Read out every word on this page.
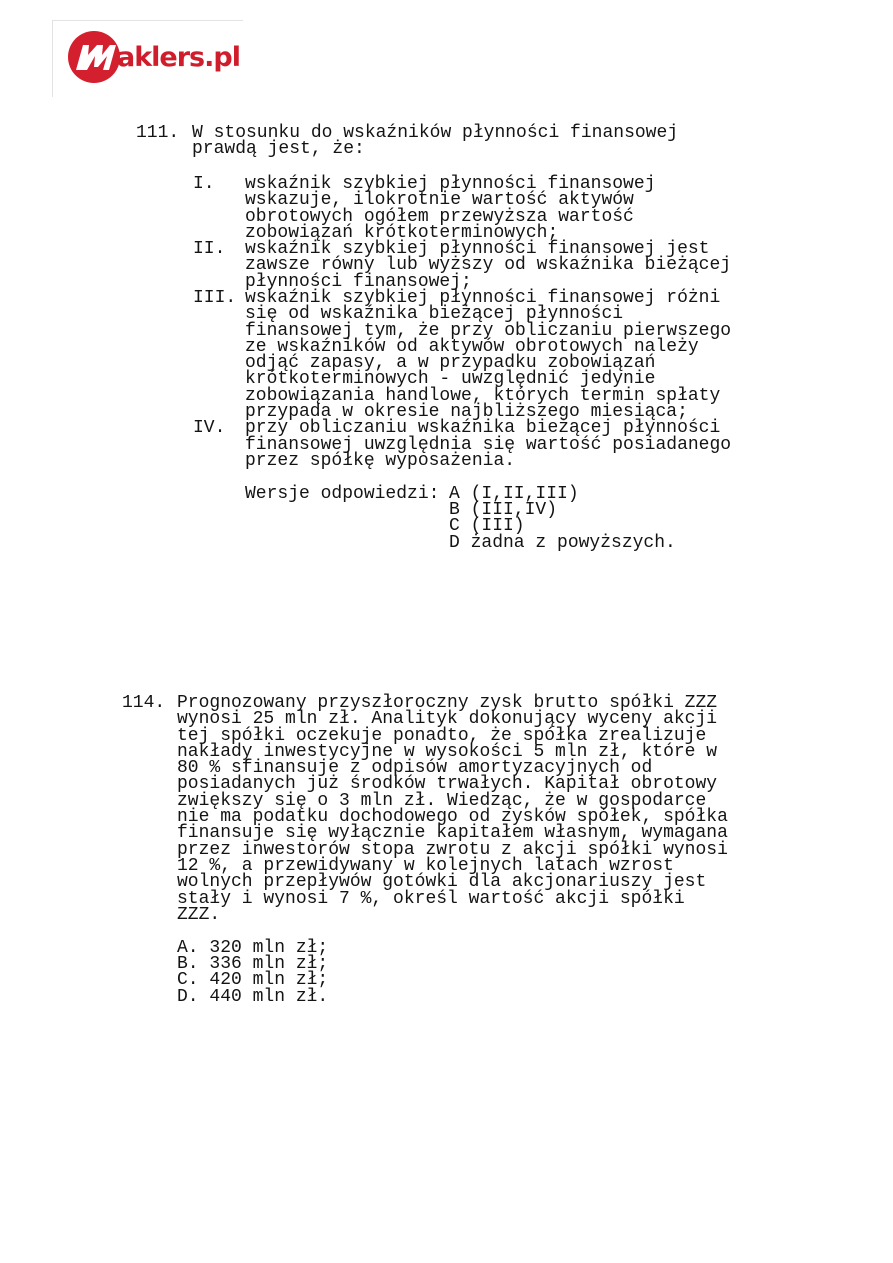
aklers.pl

111. W stosunku do wskaźników płynności finansowej

prawdą jest, że:

I. wskaźnik szybkiej płynności finansowej

wskazuje, ilokrotnie wartość aktywów

obrotowych ogółem przewyższa wartość

zobowiązań krótkoterminowych;

II. wskaźnik szybkiej płynności finansowej jest

zawsze równy lub wyższy od wskaźnika bieżącej

płynności finansowej;

III. wskaźnik szybkiej płynności finansowej różni

się od wskaźnika bieżącej płynności

finansowej tym, że przy obliczaniu pierwszego

ze wskaźników od aktywów obrotowych należy

odjąć zapasy, a w przypadku zobowiązań

krótkoterminowych - uwzględnić jedynie

zobowiązania handlowe, których termin spłaty

przypada w okresie najbliższego miesiąca;

IV. przy obliczaniu wskaźnika bieżącej płynności

finansowej uwzględnia się wartość posiadanego

przez spółkę wyposażenia.

Wersje odpowiedzi: A (I,II,III)

B (III,IV)

C (III)

D żadna z powyższych.

114. Prognozowany przyszłoroczny zysk brutto spółki ZZZ

wynosi 25 mln zł. Analityk dokonujący wyceny akcji

tej spółki oczekuje ponadto, że spółka zrealizuje

nakłady inwestycyjne w wysokości 5 mln zł, które w

80 % sfinansuje z odpisów amortyzacyjnych od

posiadanych już środków trwałych. Kapitał obrotowy

zwiększy się o 3 mln zł. Wiedząc, że w gospodarce

nie ma podatku dochodowego od zysków spółek, spółka

finansuje się wyłącznie kapitałem własnym, wymagana

przez inwestorów stopa zwrotu z akcji spółki wynosi

12 %, a przewidywany w kolejnych latach wzrost

wolnych przepływów gotówki dla akcjonariuszy jest

stały i wynosi 7 %, określ wartość akcji spółki

ZZZ.

A. 320 mln zł;

B. 336 mln zł;

C. 420 mln zł;

D. 440 mln zł.
